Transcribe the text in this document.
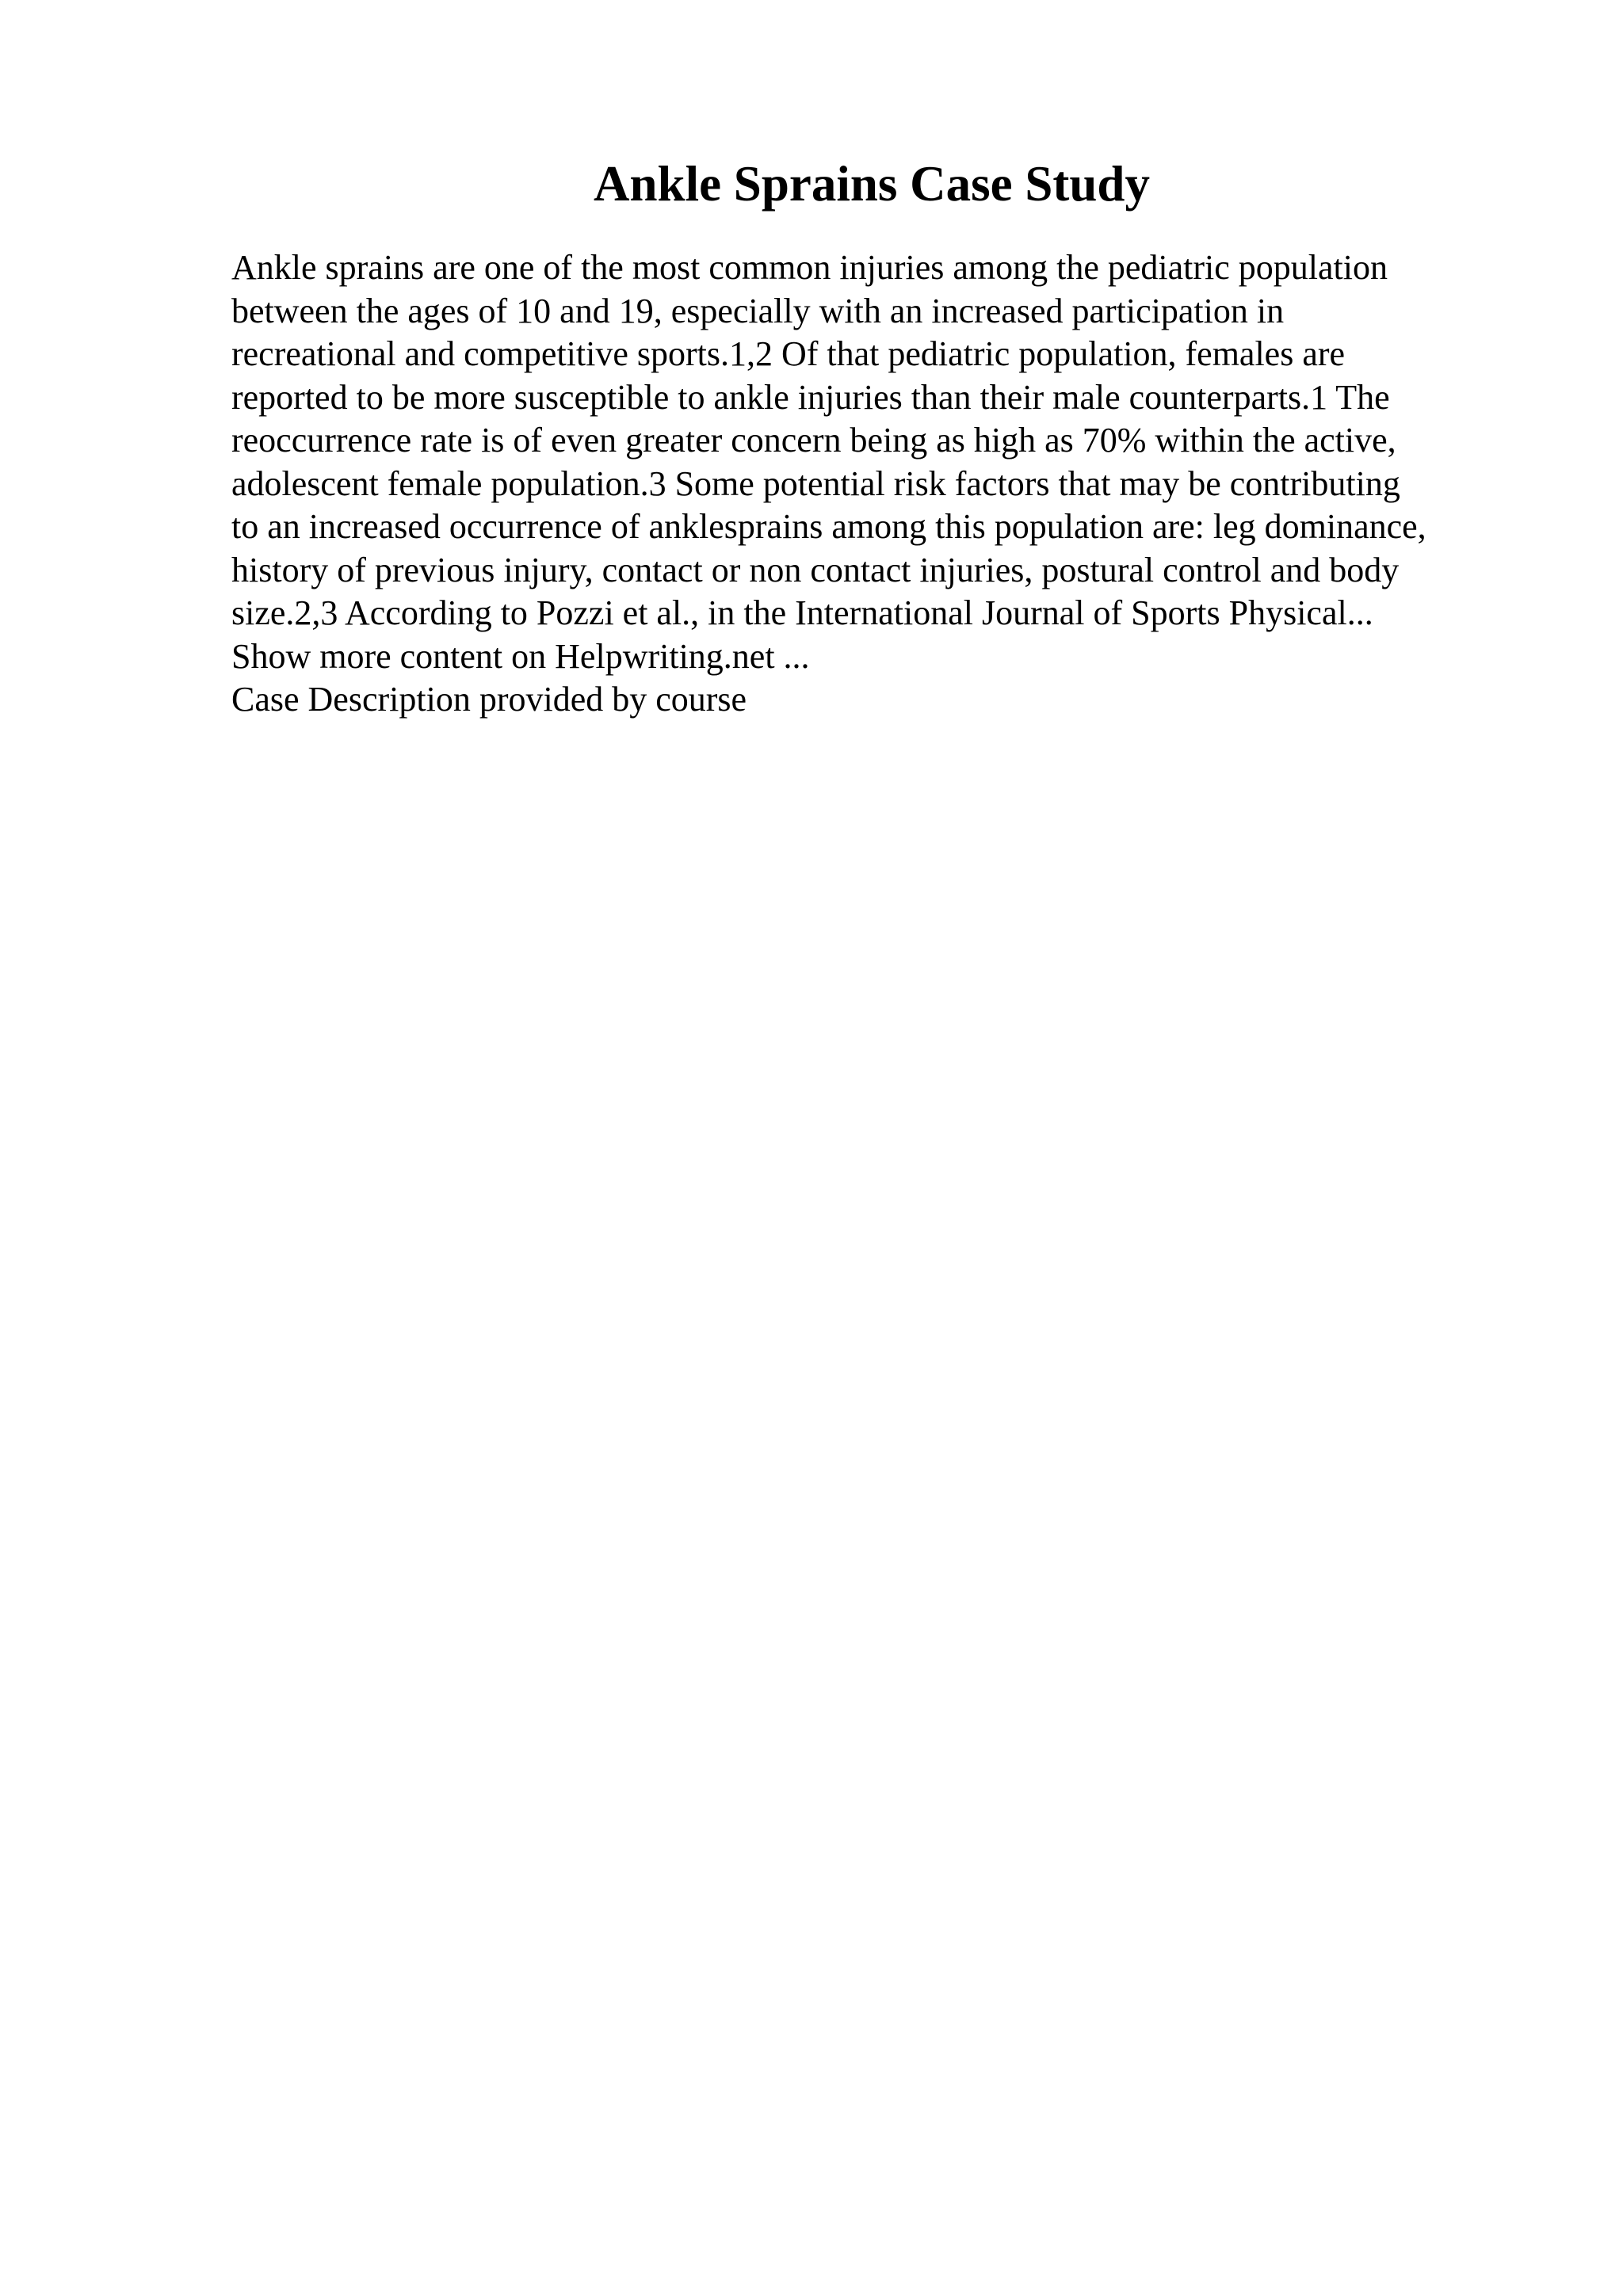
Ankle Sprains Case Study
Ankle sprains are one of the most common injuries among the pediatric population
between the ages of 10 and 19, especially with an increased participation in
recreational and competitive sports.1,2 Of that pediatric population, females are
reported to be more susceptible to ankle injuries than their male counterparts.1 The
reoccurrence rate is of even greater concern being as high as 70% within the active,
adolescent female population.3 Some potential risk factors that may be contributing
to an increased occurrence of anklesprains among this population are: leg dominance,
history of previous injury, contact or non contact injuries, postural control and body
size.2,3 According to Pozzi et al., in the International Journal of Sports Physical...
Show more content on Helpwriting.net ...
Case Description provided by course
